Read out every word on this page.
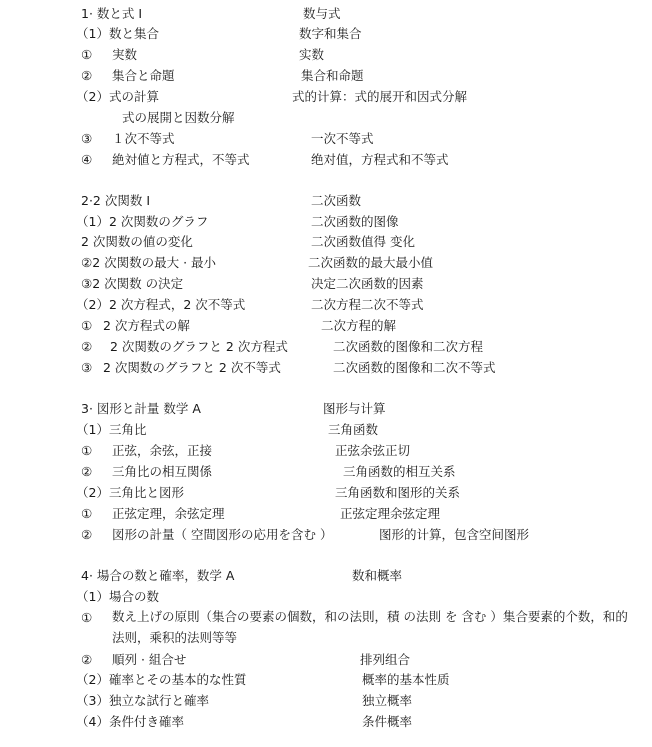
1· 数と式 Ⅰ	数与式
（1）数と集合	数字和集合
① 実数	实数
② 集合と命題	集合和命题
（2）式の計算	式的计算：式的展开和因式分解
式の展開と因数分解
③ １次不等式	一次不等式
④ 絶対値と方程式，不等式	绝对值，方程式和不等式
2·2 次関数 Ⅰ	二次函数
（1）2 次関数のグラフ	二次函数的图像
2 次関数の値の変化	二次函数值得 变化
②2 次関数の最大 · 最小	二次函数的最大最小值
③2 次関数 の決定	决定二次函数的因素
（2）2 次方程式，2 次不等式	二次方程二次不等式
① 2 次方程式の解	二次方程的解
② 2 次関数のグラフと 2 次方程式	二次函数的图像和二次方程
③ 2 次関数のグラフと 2 次不等式	二次函数的图像和二次不等式
3· 図形と計量 数学 A	图形与计算
（1）三角比	三角函数
① 正弦，余弦，正接	正弦余弦正切
② 三角比の相互関係	三角函数的相互关系
（2）三角比と図形	三角函数和图形的关系
① 正弦定理，余弦定理	正弦定理余弦定理
② 図形の計量（ 空間図形の応用を含む ）	图形的计算，包含空间图形
4· 場合の数と確率，数学 A	数和概率
（1）場合の数
① 数え上げの原則（集合の要素の個数，和の法則，積 の法則 を 含む ）集合要素的个数，和的法则，乘积的法则等等
② 順列 · 組合せ	排列组合
（2）確率とその基本的な性質	概率的基本性质
（3）独立な試行と確率	独立概率
（4）条件付き確率	条件概率
